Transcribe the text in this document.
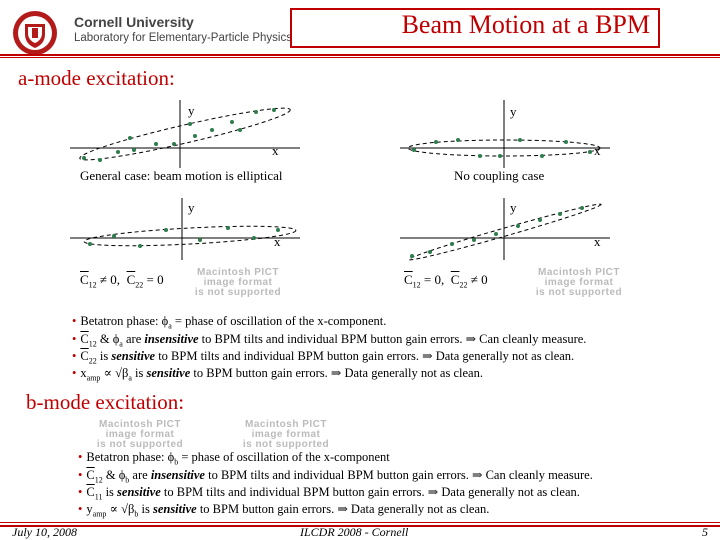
Cornell University
Laboratory for Elementary-Particle Physics	Beam Motion at a BPM
a-mode excitation:
y
x
General case: beam motion is elliptical
y
x
No coupling case
y
x
y
x
$\overline{C}_{12} \ne 0$,  $\overline{C}_{22} = 0$	$\overline{C}_{12} = 0$,  $\overline{C}_{22} \ne 0$
Macintosh PICT
image format
is not supported
Macintosh PICT
image format
is not supported
• Betatron phase: $\phi_a$ = phase of oscillation of the x-component.
• $\overline{C}_{12}$ & $\phi_a$ are insensitive to BPM tilts and individual BPM button gain errors. ⇒ Can cleanly measure.
• $\overline{C}_{22}$ is sensitive to BPM tilts and individual BPM button gain errors. ⇒ Data generally not as clean.
• $x_{amp} \propto √\beta_a$ is sensitive to BPM button gain errors. ⇒ Data generally not as clean.
b-mode excitation:
Macintosh PICT
image format
is not supported
Macintosh PICT
image format
is not supported
• Betatron phase: $\phi_b$ = phase of oscillation of the x-component
• $\overline{C}_{12}$ & $\phi_b$ are insensitive to BPM tilts and individual BPM button gain errors. ⇒ Can cleanly measure.
• $\overline{C}_{11}$ is sensitive to BPM tilts and individual BPM button gain errors. ⇒ Data generally not as clean.
• $y_{amp} \propto √\beta_b$ is sensitive to BPM button gain errors. ⇒ Data generally not as clean.
July 10, 2008	ILCDR 2008 - Cornell	5
